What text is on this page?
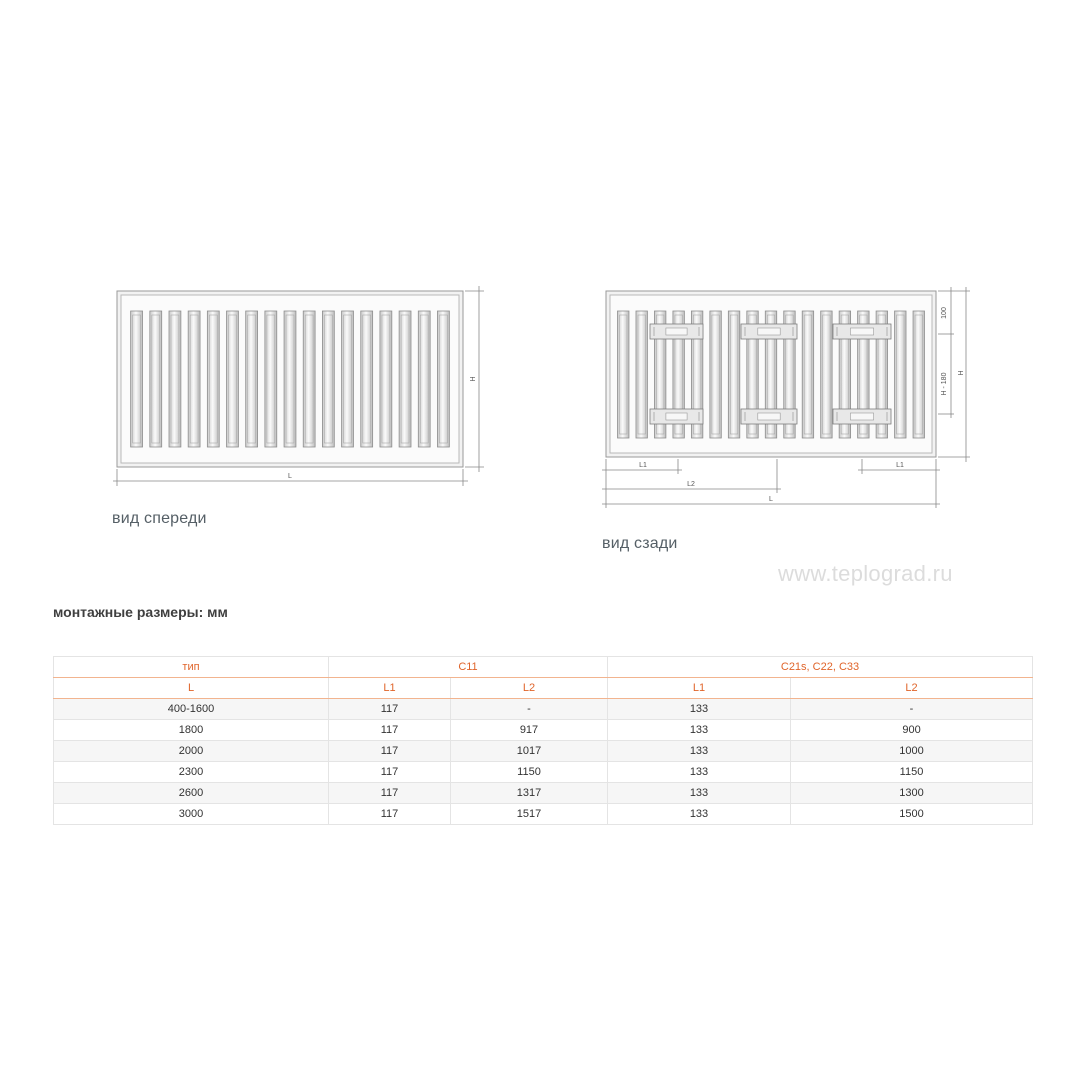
H
L
100
H - 180 H
L1	L1
L2
L
вид спереди
вид сзади
www.teplograd.ru
монтажные размеры: мм
тип	C11		C21s, C22, C33	
L	L1	L2	L1	L2
400-1600	117	-	133	-
1800	117	917	133	900
2000	117	1017	133	1000
2300	117	1150	133	1150
2600	117	1317	133	1300
3000	117	1517	133	1500
